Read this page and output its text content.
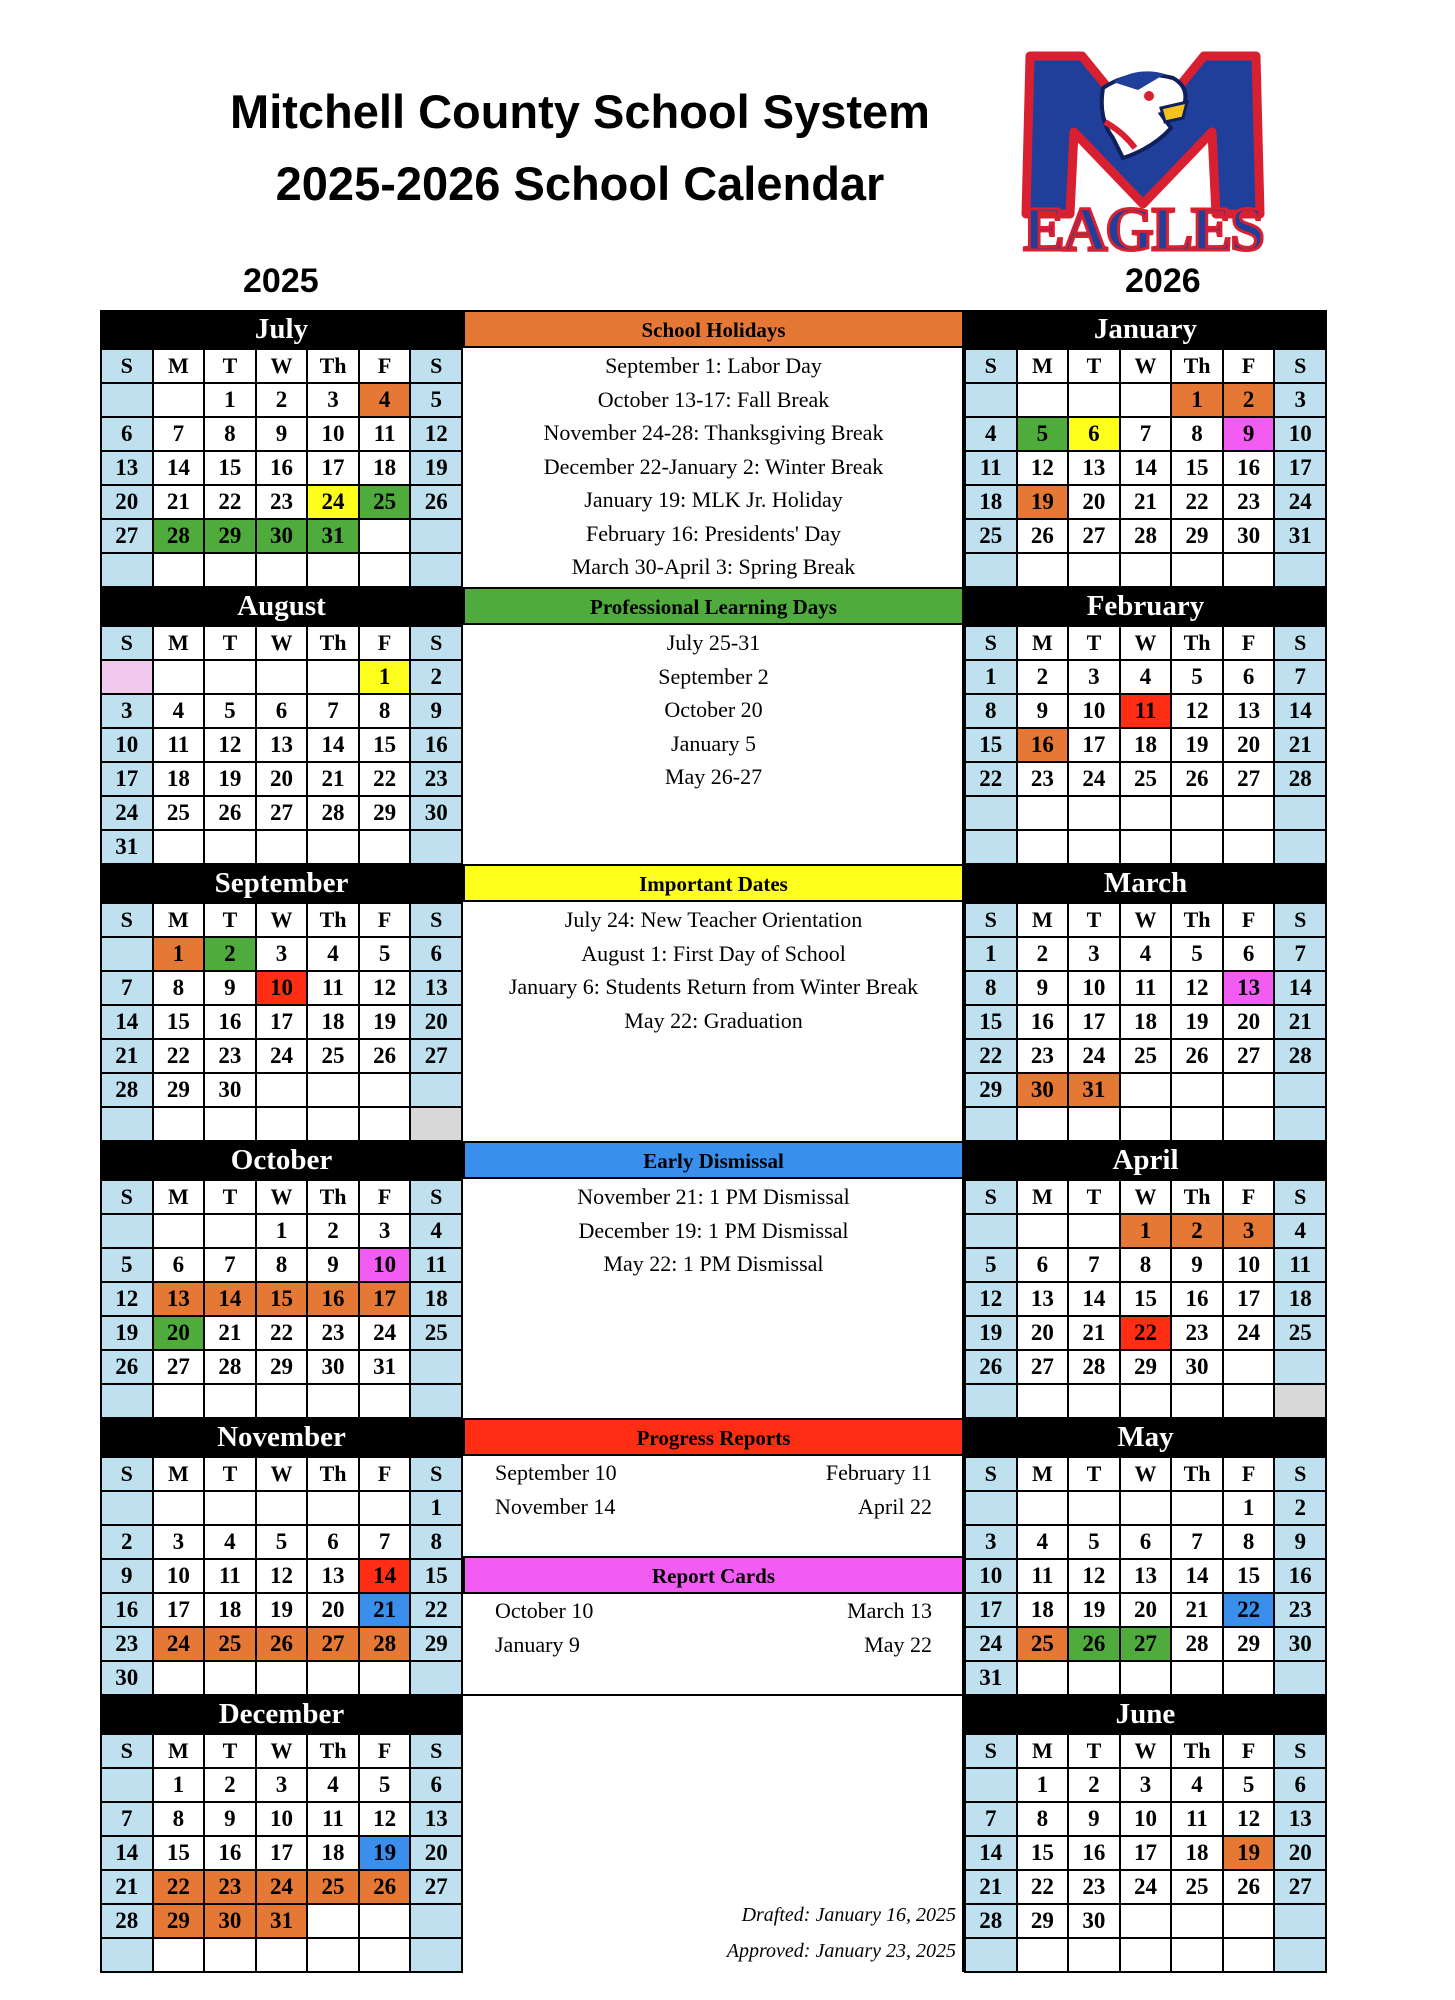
Mitchell County School System
2025-2026 School Calendar
2025	2026
EAGLES
July
S	M	T	W	Th	F	S
		1	2	3	4	5
6	7	8	9	10	11	12
13	14	15	16	17	18	19
20	21	22	23	24	25	26
27	28	29	30	31		

August
S	M	T	W	Th	F	S
					1	2
3	4	5	6	7	8	9
10	11	12	13	14	15	16
17	18	19	20	21	22	23
24	25	26	27	28	29	30
31						
September
S	M	T	W	Th	F	S
	1	2	3	4	5	6
7	8	9	10	11	12	13
14	15	16	17	18	19	20
21	22	23	24	25	26	27
28	29	30				

October
S	M	T	W	Th	F	S
			1	2	3	4
5	6	7	8	9	10	11
12	13	14	15	16	17	18
19	20	21	22	23	24	25
26	27	28	29	30	31	

November
S	M	T	W	Th	F	S
						1
2	3	4	5	6	7	8
9	10	11	12	13	14	15
16	17	18	19	20	21	22
23	24	25	26	27	28	29
30						
December
S	M	T	W	Th	F	S
	1	2	3	4	5	6
7	8	9	10	11	12	13
14	15	16	17	18	19	20
21	22	23	24	25	26	27
28	29	30	31			

January
S	M	T	W	Th	F	S
				1	2	3
4	5	6	7	8	9	10
11	12	13	14	15	16	17
18	19	20	21	22	23	24
25	26	27	28	29	30	31

February
S	M	T	W	Th	F	S
1	2	3	4	5	6	7
8	9	10	11	12	13	14
15	16	17	18	19	20	21
22	23	24	25	26	27	28

March
S	M	T	W	Th	F	S
1	2	3	4	5	6	7
8	9	10	11	12	13	14
15	16	17	18	19	20	21
22	23	24	25	26	27	28
29	30	31				

April
S	M	T	W	Th	F	S
			1	2	3	4
5	6	7	8	9	10	11
12	13	14	15	16	17	18
19	20	21	22	23	24	25
26	27	28	29	30		

May
S	M	T	W	Th	F	S
					1	2
3	4	5	6	7	8	9
10	11	12	13	14	15	16
17	18	19	20	21	22	23
24	25	26	27	28	29	30
31						
June
S	M	T	W	Th	F	S
	1	2	3	4	5	6
7	8	9	10	11	12	13
14	15	16	17	18	19	20
21	22	23	24	25	26	27
28	29	30				

School Holidays
September 1: Labor Day
October 13-17: Fall Break
November 24-28: Thanksgiving Break
December 22-January 2: Winter Break
January 19: MLK Jr. Holiday
February 16: Presidents' Day
March 30-April 3: Spring Break
Professional Learning Days
July 25-31
September 2
October 20
January 5
May 26-27
Important Dates
July 24: New Teacher Orientation
August 1: First Day of School
January 6: Students Return from Winter Break
May 22: Graduation
Early Dismissal
November 21: 1 PM Dismissal
December 19: 1 PM Dismissal
May 22: 1 PM Dismissal
Progress Reports
September 10	February 11
November 14	April 22
Report Cards
October 10	March 13
January 9	May 22
Drafted: January 16, 2025
Approved: January 23, 2025
